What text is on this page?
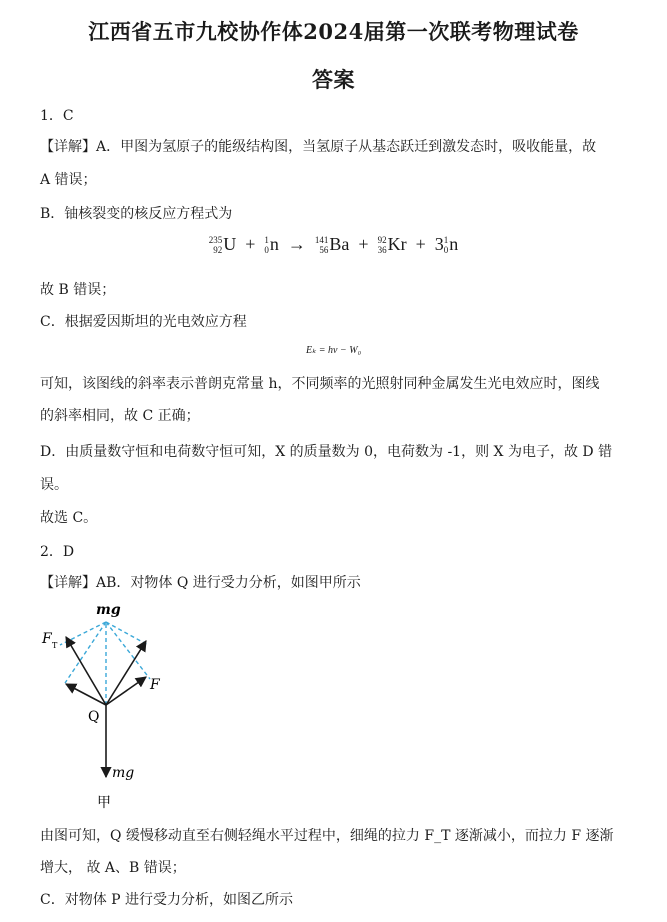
江西省五市九校协作体2024届第一次联考物理试卷
答案
1．C
【详解】A．甲图为氢原子的能级结构图，当氢原子从基态跃迁到激发态时，吸收能量，故
A 错误；
B．铀核裂变的核反应方程式为
235
92 U + 1
0 n → 141
56 Ba + 92
36 Kr + 3 1
0 n
故 B 错误；
C．根据爱因斯坦的光电效应方程
Eₖ = hν − W₀
可知，该图线的斜率表示普朗克常量 h，不同频率的光照射同种金属发生光电效应时，图线
的斜率相同，故 C 正确；
D．由质量数守恒和电荷数守恒可知，X 的质量数为 0，电荷数为 -1，则 X 为电子，故 D 错
误。
故选 C。
2．D
【详解】AB．对物体 Q 进行受力分析，如图甲所示
mg
F T
F
Q
mg
甲
由图可知，Q 缓慢移动直至右侧轻绳水平过程中，细绳的拉力 F_T 逐渐减小，而拉力 F 逐渐
增大， 故 A、B 错误；
C．对物体 P 进行受力分析，如图乙所示
